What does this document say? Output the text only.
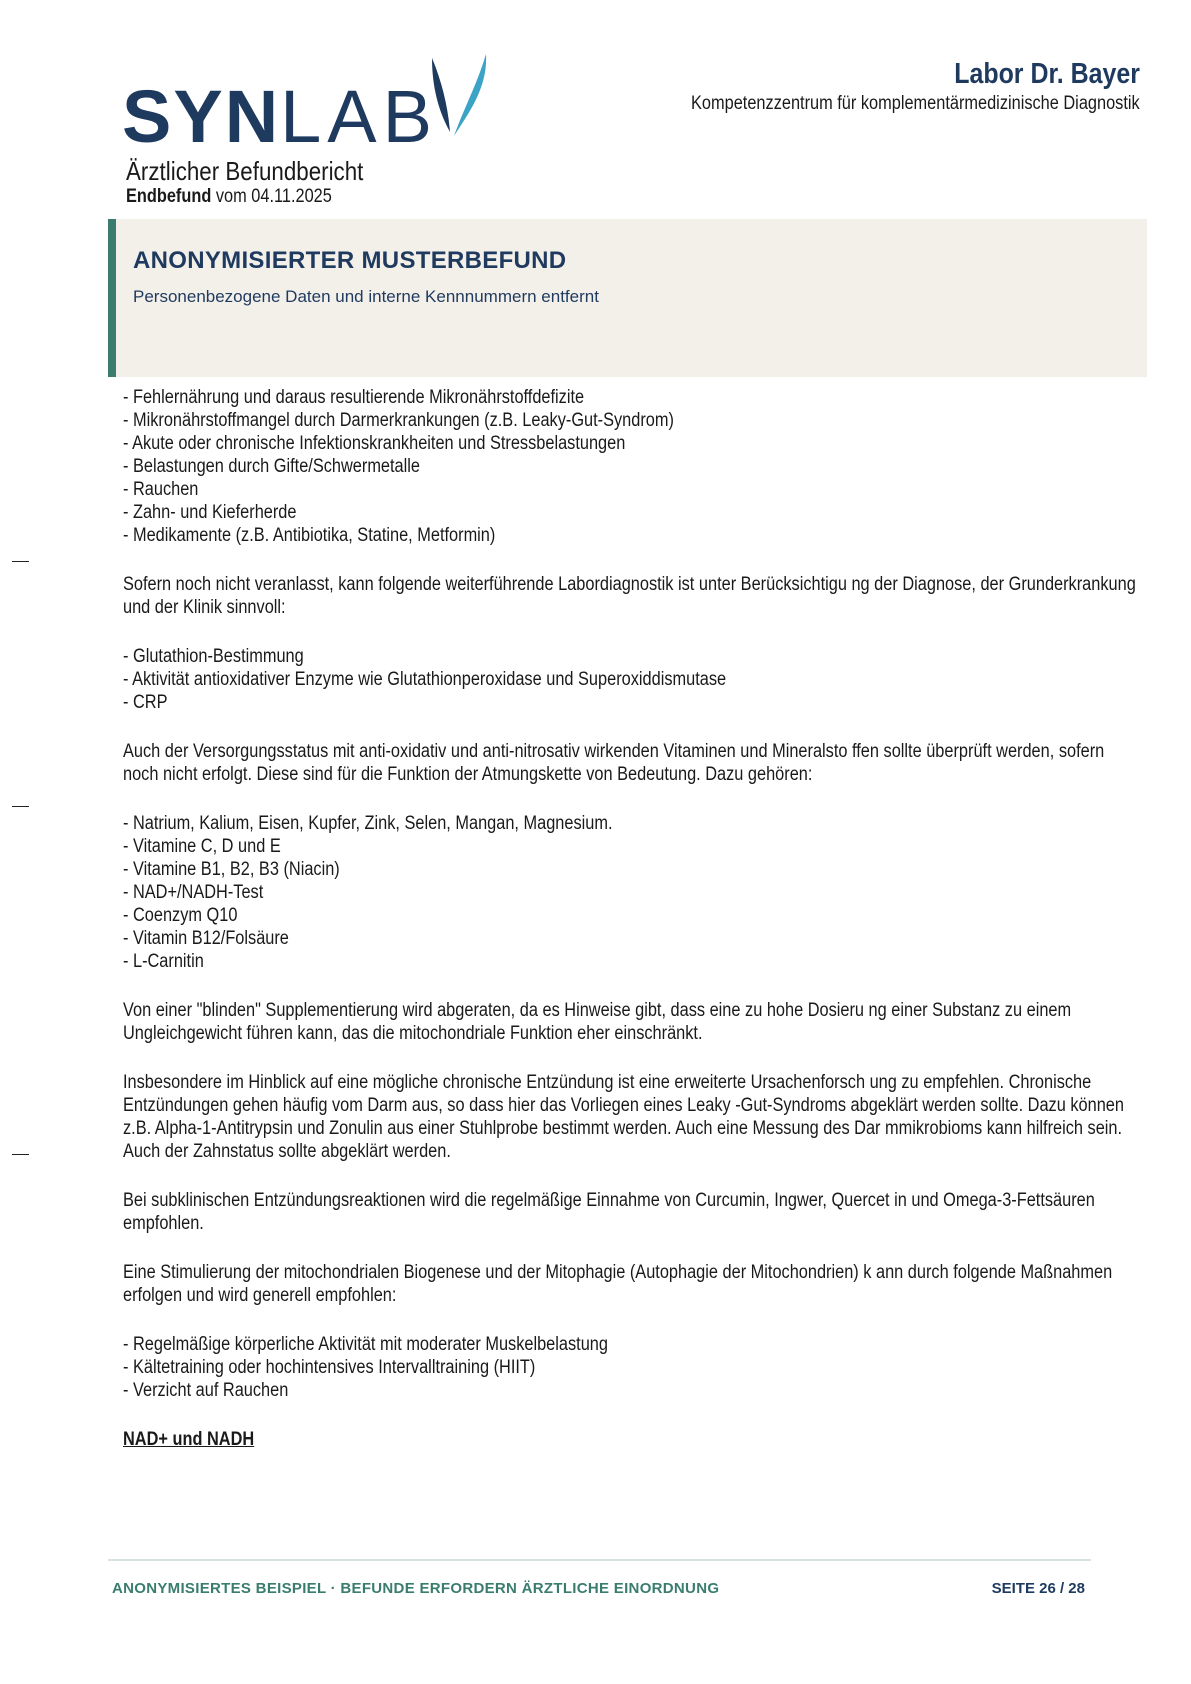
SYNLAB
Ärztlicher Befundbericht
Endbefund vom 04.11.2025
Labor Dr. Bayer
Kompetenzzentrum für komplementärmedizinische Diagnostik
ANONYMISIERTER MUSTERBEFUND
Personenbezogene Daten und interne Kennnummern entfernt
- Fehlernährung und daraus resultierende Mikronährstoffdefizite
- Mikronährstoffmangel durch Darmerkrankungen (z.B. Leaky-Gut-Syndrom)
- Akute oder chronische Infektionskrankheiten und Stressbelastungen
- Belastungen durch Gifte/Schwermetalle
- Rauchen
- Zahn- und Kieferherde
- Medikamente (z.B. Antibiotika, Statine, Metformin)
Sofern noch nicht veranlasst, kann folgende weiterführende Labordiagnostik ist unter Berücksichtigu ng der Diagnose, der Grunderkrankung
und der Klinik sinnvoll:
- Glutathion-Bestimmung
- Aktivität antioxidativer Enzyme wie Glutathionperoxidase und Superoxiddismutase
- CRP
Auch der Versorgungsstatus mit anti-oxidativ und anti-nitrosativ wirkenden Vitaminen und Mineralsto ffen sollte überprüft werden, sofern
noch nicht erfolgt. Diese sind für die Funktion der Atmungskette von Bedeutung. Dazu gehören:
- Natrium, Kalium, Eisen, Kupfer, Zink, Selen, Mangan, Magnesium.
- Vitamine C, D und E
- Vitamine B1, B2, B3 (Niacin)
- NAD+/NADH-Test
- Coenzym Q10
- Vitamin B12/Folsäure
- L-Carnitin
Von einer "blinden" Supplementierung wird abgeraten, da es Hinweise gibt, dass eine zu hohe Dosieru ng einer Substanz zu einem
Ungleichgewicht führen kann, das die mitochondriale Funktion eher einschränkt.
Insbesondere im Hinblick auf eine mögliche chronische Entzündung ist eine erweiterte Ursachenforsch ung zu empfehlen. Chronische
Entzündungen gehen häufig vom Darm aus, so dass hier das Vorliegen eines Leaky -Gut-Syndroms abgeklärt werden sollte. Dazu können
z.B. Alpha-1-Antitrypsin und Zonulin aus einer Stuhlprobe bestimmt werden. Auch eine Messung des Dar mmikrobioms kann hilfreich sein.
Auch der Zahnstatus sollte abgeklärt werden.
Bei subklinischen Entzündungsreaktionen wird die regelmäßige Einnahme von Curcumin, Ingwer, Quercet in und Omega-3-Fettsäuren
empfohlen.
Eine Stimulierung der mitochondrialen Biogenese und der Mitophagie (Autophagie der Mitochondrien) k ann durch folgende Maßnahmen
erfolgen und wird generell empfohlen:
- Regelmäßige körperliche Aktivität mit moderater Muskelbelastung
- Kältetraining oder hochintensives Intervalltraining (HIIT)
- Verzicht auf Rauchen
NAD+ und NADH
ANONYMISIERTES BEISPIEL · BEFUNDE ERFORDERN ÄRZTLICHE EINORDNUNG	SEITE 26 / 28
